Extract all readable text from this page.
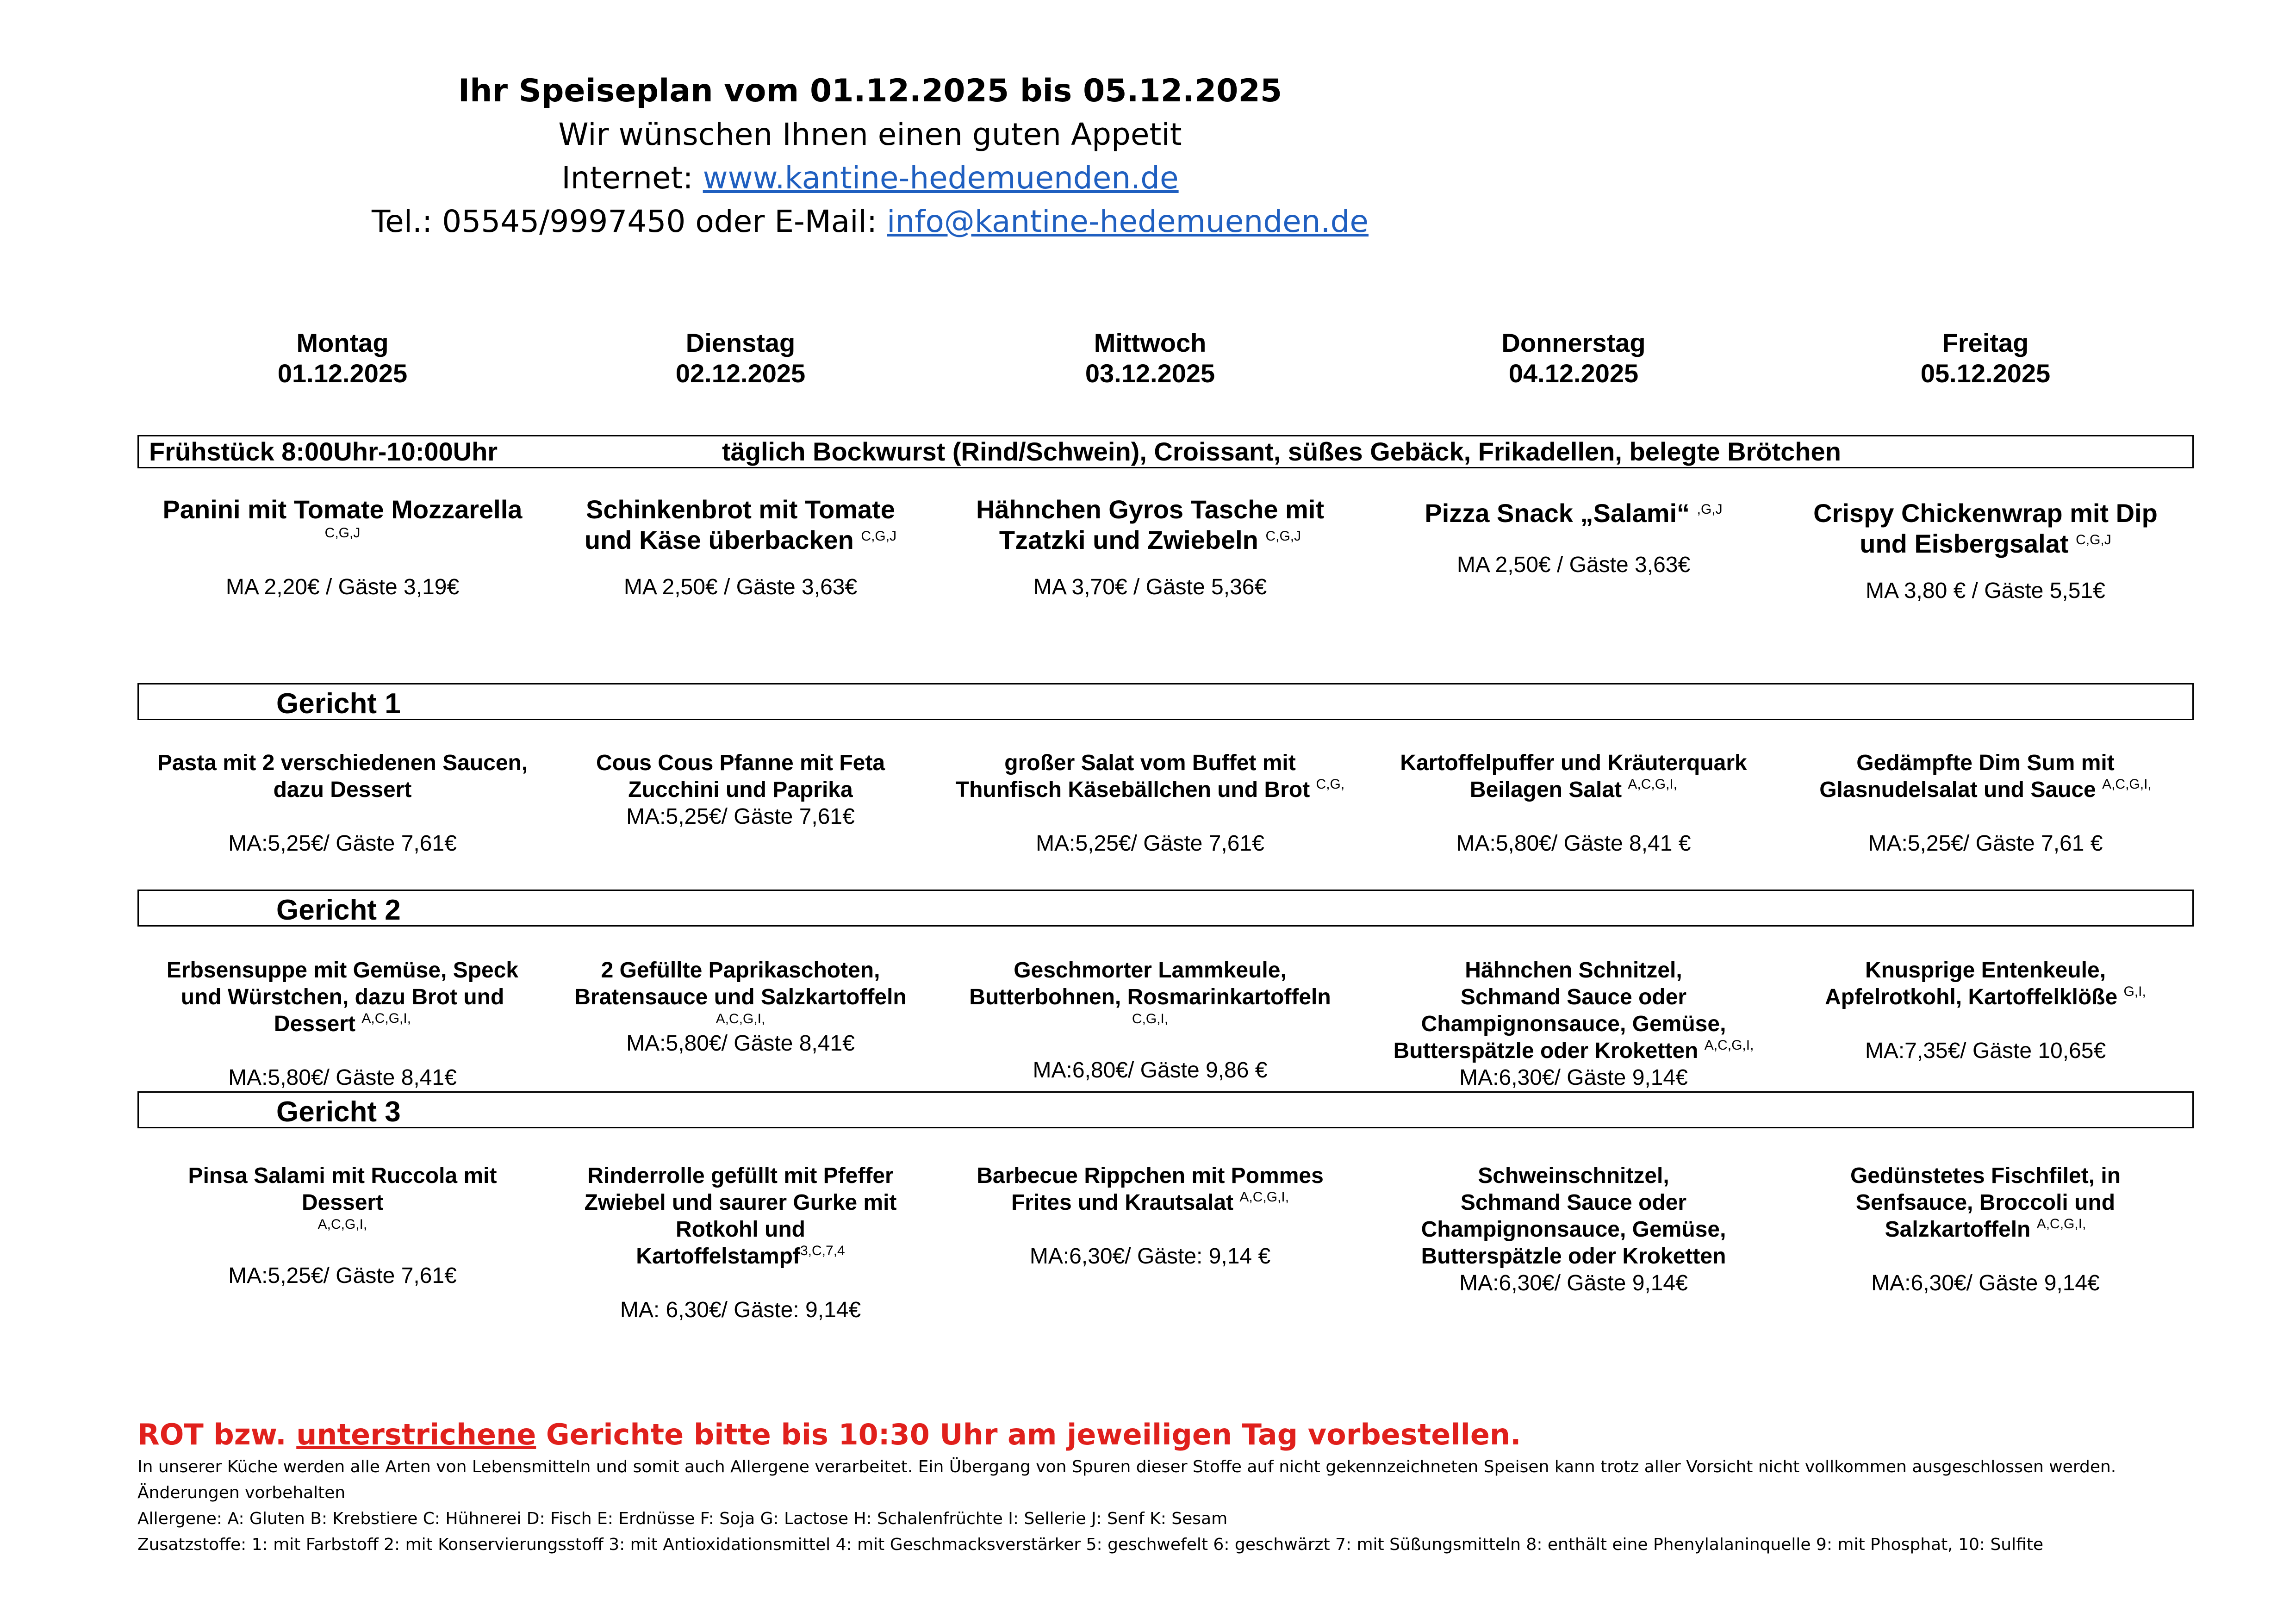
Ihr Speiseplan vom 01.12.2025 bis 05.12.2025
Wir wünschen Ihnen einen guten Appetit
Internet: www.kantine-hedemuenden.de
Tel.: 05545/9997450 oder E-Mail: info@kantine-hedemuenden.de
Montag
01.12.2025
Dienstag
02.12.2025
Mittwoch
03.12.2025
Donnerstag
04.12.2025
Freitag
05.12.2025
Frühstück 8:00Uhr-10:00Uhr	täglich Bockwurst (Rind/Schwein), Croissant, süßes Gebäck, Frikadellen, belegte Brötchen
Panini mit Tomate Mozzarella
C,G,J
MA 2,20€ / Gäste 3,19€
Schinkenbrot mit Tomate
und Käse überbacken $^{C,G,J}$
MA 2,50€ / Gäste 3,63€
Hähnchen Gyros Tasche mit
Tzatzki und Zwiebeln $^{C,G,J}$
MA 3,70€ / Gäste 5,36€
Pizza Snack „Salami“ $^{,G,J}$
MA 2,50€ / Gäste 3,63€
Crispy Chickenwrap mit Dip
und Eisbergsalat $^{C,G,J}$
MA 3,80 € / Gäste 5,51€
Gericht 1
Pasta mit 2 verschiedenen Saucen,
dazu Dessert
MA:5,25€/ Gäste 7,61€
Cous Cous Pfanne mit Feta
Zucchini und Paprika
MA:5,25€/ Gäste 7,61€
großer Salat vom Buffet mit
Thunfisch Käsebällchen und Brot $^{C,G,}$
MA:5,25€/ Gäste 7,61€
Kartoffelpuffer und Kräuterquark
Beilagen Salat $^{A,C,G,I,}$
MA:5,80€/ Gäste 8,41 €
Gedämpfte Dim Sum mit
Glasnudelsalat und Sauce $^{A,C,G,I,}$
MA:5,25€/ Gäste 7,61 €
Gericht 2
Erbsensuppe mit Gemüse, Speck
und Würstchen, dazu Brot und
Dessert $^{A,C,G,I,}$
MA:5,80€/ Gäste 8,41€
2 Gefüllte Paprikaschoten,
Bratensauce und Salzkartoffeln
A,C,G,I,
MA:5,80€/ Gäste 8,41€
Geschmorter Lammkeule,
Butterbohnen, Rosmarinkartoffeln
C,G,I,
MA:6,80€/ Gäste 9,86 €
Hähnchen Schnitzel,
Schmand Sauce oder
Champignonsauce, Gemüse,
Butterspätzle oder Kroketten $^{A,C,G,I,}$
MA:6,30€/ Gäste 9,14€
Knusprige Entenkeule,
Apfelrotkohl, Kartoffelklöße $^{G,I,}$
MA:7,35€/ Gäste 10,65€
Gericht 3
Pinsa Salami mit Ruccola mit
Dessert
A,C,G,I,
MA:5,25€/ Gäste 7,61€
Rinderrolle gefüllt mit Pfeffer
Zwiebel und saurer Gurke mit
Rotkohl und
Kartoffelstampf$^{3,C,7,4}$
MA: 6,30€/ Gäste: 9,14€
Barbecue Rippchen mit Pommes
Frites und Krautsalat $^{A,C,G,I,}$
MA:6,30€/ Gäste: 9,14 €
Schweinschnitzel,
Schmand Sauce oder
Champignonsauce, Gemüse,
Butterspätzle oder Kroketten
MA:6,30€/ Gäste 9,14€
Gedünstetes Fischfilet, in
Senfsauce, Broccoli und
Salzkartoffeln $^{A,C,G,I,}$
MA:6,30€/ Gäste 9,14€
ROT bzw. unterstrichene Gerichte bitte bis 10:30 Uhr am jeweiligen Tag vorbestellen.
In unserer Küche werden alle Arten von Lebensmitteln und somit auch Allergene verarbeitet. Ein Übergang von Spuren dieser Stoffe auf nicht gekennzeichneten Speisen kann trotz aller Vorsicht nicht vollkommen ausgeschlossen werden.
Änderungen vorbehalten
Allergene: A: Gluten B: Krebstiere C: Hühnerei D: Fisch E: Erdnüsse F: Soja G: Lactose H: Schalenfrüchte I: Sellerie J: Senf K: Sesam
Zusatzstoffe: 1: mit Farbstoff 2: mit Konservierungsstoff 3: mit Antioxidationsmittel 4: mit Geschmacksverstärker 5: geschwefelt 6: geschwärzt 7: mit Süßungsmitteln 8: enthält eine Phenylalaninquelle 9: mit Phosphat, 10: Sulfite
